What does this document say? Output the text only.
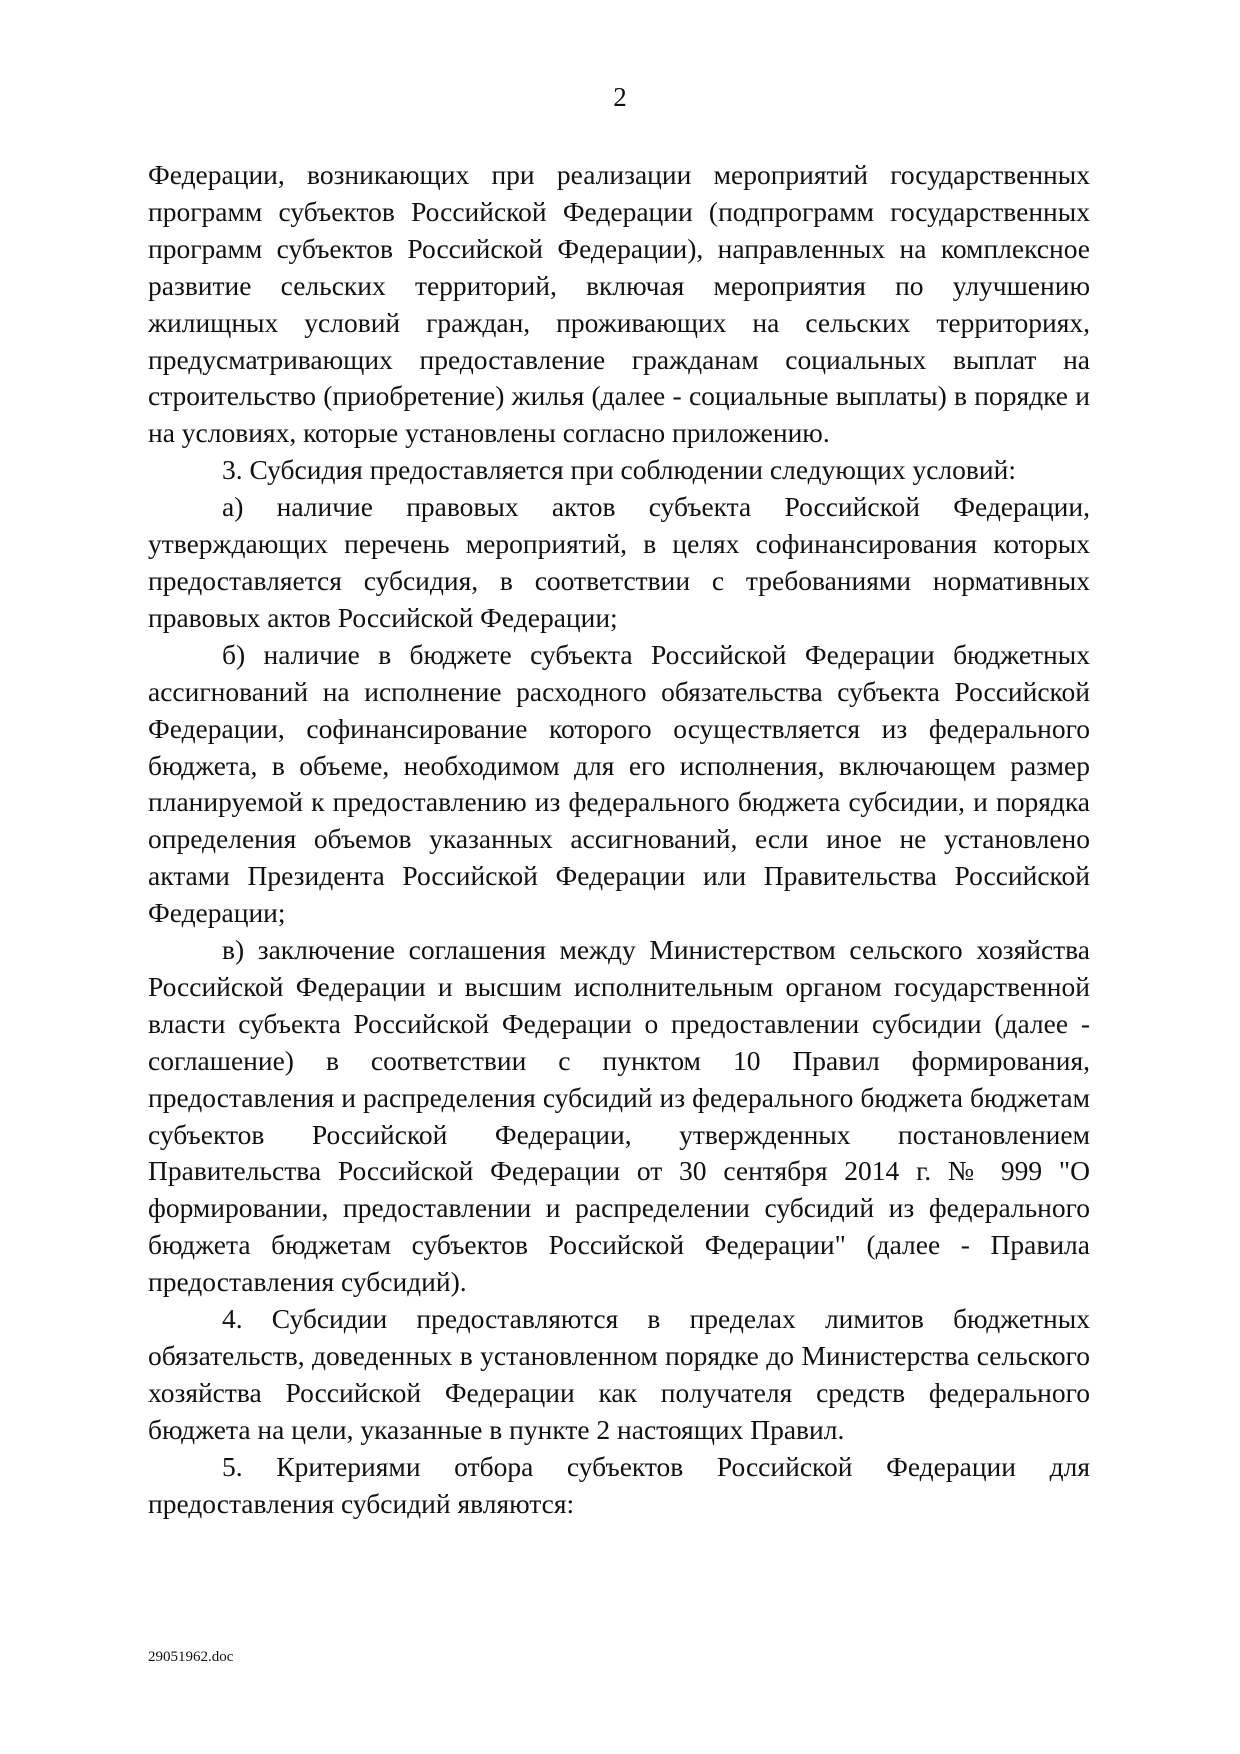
2

Федерации, возникающих при реализации мероприятий государственных программ субъектов Российской Федерации (подпрограмм государственных программ субъектов Российской Федерации), направленных на комплексное развитие сельских территорий, включая мероприятия по улучшению жилищных условий граждан, проживающих на сельских территориях, предусматривающих предоставление гражданам социальных выплат на строительство (приобретение) жилья (далее - социальные выплаты) в порядке и на условиях, которые установлены согласно приложению.

3. Субсидия предоставляется при соблюдении следующих условий:

а) наличие правовых актов субъекта Российской Федерации, утверждающих перечень мероприятий, в целях софинансирования которых предоставляется субсидия, в соответствии с требованиями нормативных правовых актов Российской Федерации;

б) наличие в бюджете субъекта Российской Федерации бюджетных ассигнований на исполнение расходного обязательства субъекта Российской Федерации, софинансирование которого осуществляется из федерального бюджета, в объеме, необходимом для его исполнения, включающем размер планируемой к предоставлению из федерального бюджета субсидии, и порядка определения объемов указанных ассигнований, если иное не установлено актами Президента Российской Федерации или Правительства Российской Федерации;

в) заключение соглашения между Министерством сельского хозяйства Российской Федерации и высшим исполнительным органом государственной власти субъекта Российской Федерации о предоставлении субсидии (далее - соглашение) в соответствии с пунктом 10 Правил формирования, предоставления и распределения субсидий из федерального бюджета бюджетам субъектов Российской Федерации, утвержденных постановлением Правительства Российской Федерации от 30 сентября 2014 г. № 999 "О формировании, предоставлении и распределении субсидий из федерального бюджета бюджетам субъектов Российской Федерации" (далее - Правила предоставления субсидий).

4. Субсидии предоставляются в пределах лимитов бюджетных обязательств, доведенных в установленном порядке до Министерства сельского хозяйства Российской Федерации как получателя средств федерального бюджета на цели, указанные в пункте 2 настоящих Правил.

5. Критериями отбора субъектов Российской Федерации для предоставления субсидий являются:

29051962.doc
